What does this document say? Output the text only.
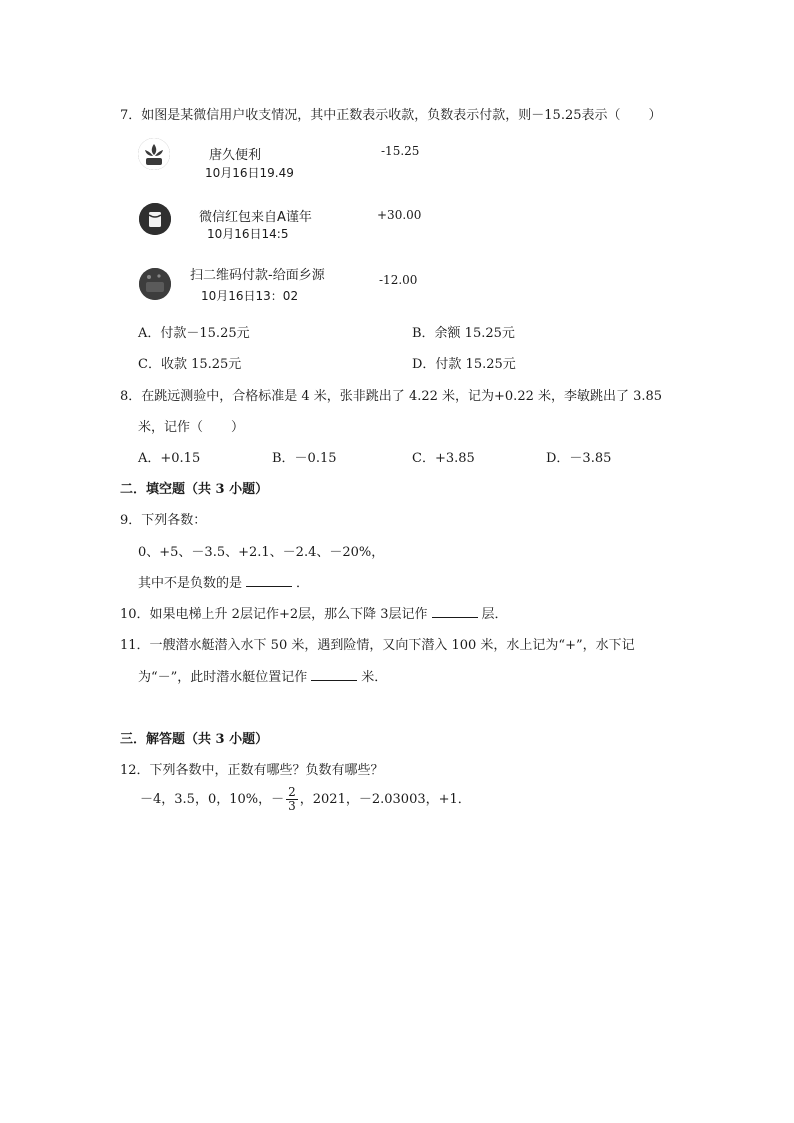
7．如图是某微信用户收支情况，其中正数表示收款，负数表示付款，则－15.25表示（ ）
唐久便利
10月16日19.49
-15.25
微信红包来自A谨年
10月16日14:5
+30.00
扫二维码付款-给面乡源
10月16日13：02
-12.00
A．付款－15.25元	B．余额 15.25元
C．收款 15.25元	D．付款 15.25元
8．在跳远测验中，合格标准是 4 米，张非跳出了 4.22 米，记为+0.22 米，李敏跳出了 3.85
米，记作（ ）
A．+0.15	B．－0.15	C．+3.85	D．－3.85
二．填空题（共 3 小题）
9．下列各数：
0、+5、－3.5、+2.1、－2.4、－20%，
其中不是负数的是	．
10．如果电梯上升 2层记作+2层，那么下降 3层记作	层．
11．一艘潜水艇潜入水下 50 米，遇到险情，又向下潜入 100 米，水上记为“+”，水下记
为“－”，此时潜水艇位置记作	米．
三．解答题（共 3 小题）
12．下列各数中，正数有哪些？负数有哪些？
－4，3.5，0，10%，－ $\frac{2}{3}$ ，2021，－2.03003，+1．
